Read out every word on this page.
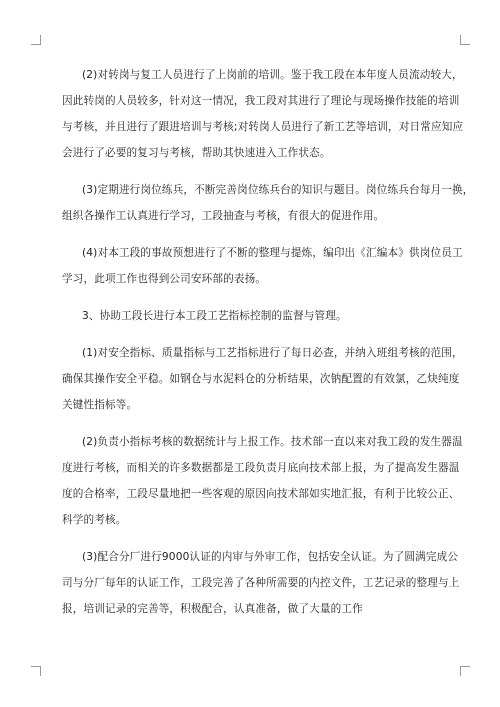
(2)对转岗与复工人员进行了上岗前的培训。鉴于我工段在本年度人员流动较大，
因此转岗的人员较多，针对这一情况，我工段对其进行了理论与现场操作技能的培训
与考核，并且进行了跟进培训与考核;对转岗人员进行了新工艺等培训，对日常应知应
会进行了必要的复习与考核，帮助其快速进入工作状态。
(3)定期进行岗位练兵，不断完善岗位练兵台的知识与题目。岗位练兵台每月一换，
组织各操作工认真进行学习，工段抽查与考核，有很大的促进作用。
(4)对本工段的事故预想进行了不断的整理与提炼，编印出《汇编本》供岗位员工
学习，此项工作也得到公司安环部的表扬。
3、协助工段长进行本工段工艺指标控制的监督与管理。
(1)对安全指标、质量指标与工艺指标进行了每日必查，并纳入班组考核的范围，
确保其操作安全平稳。如钢仓与水泥料仓的分析结果，次钠配置的有效氯，乙炔纯度
关键性指标等。
(2)负责小指标考核的数据统计与上报工作。技术部一直以来对我工段的发生器温
度进行考核，而相关的许多数据都是工段负责月底向技术部上报，为了提高发生器温
度的合格率，工段尽量地把一些客观的原因向技术部如实地汇报，有利于比较公正、
科学的考核。
(3)配合分厂进行9000认证的内审与外审工作，包括安全认证。为了圆满完成公
司与分厂每年的认证工作，工段完善了各种所需要的内控文件，工艺记录的整理与上
报，培训记录的完善等，积极配合，认真准备，做了大量的工作
